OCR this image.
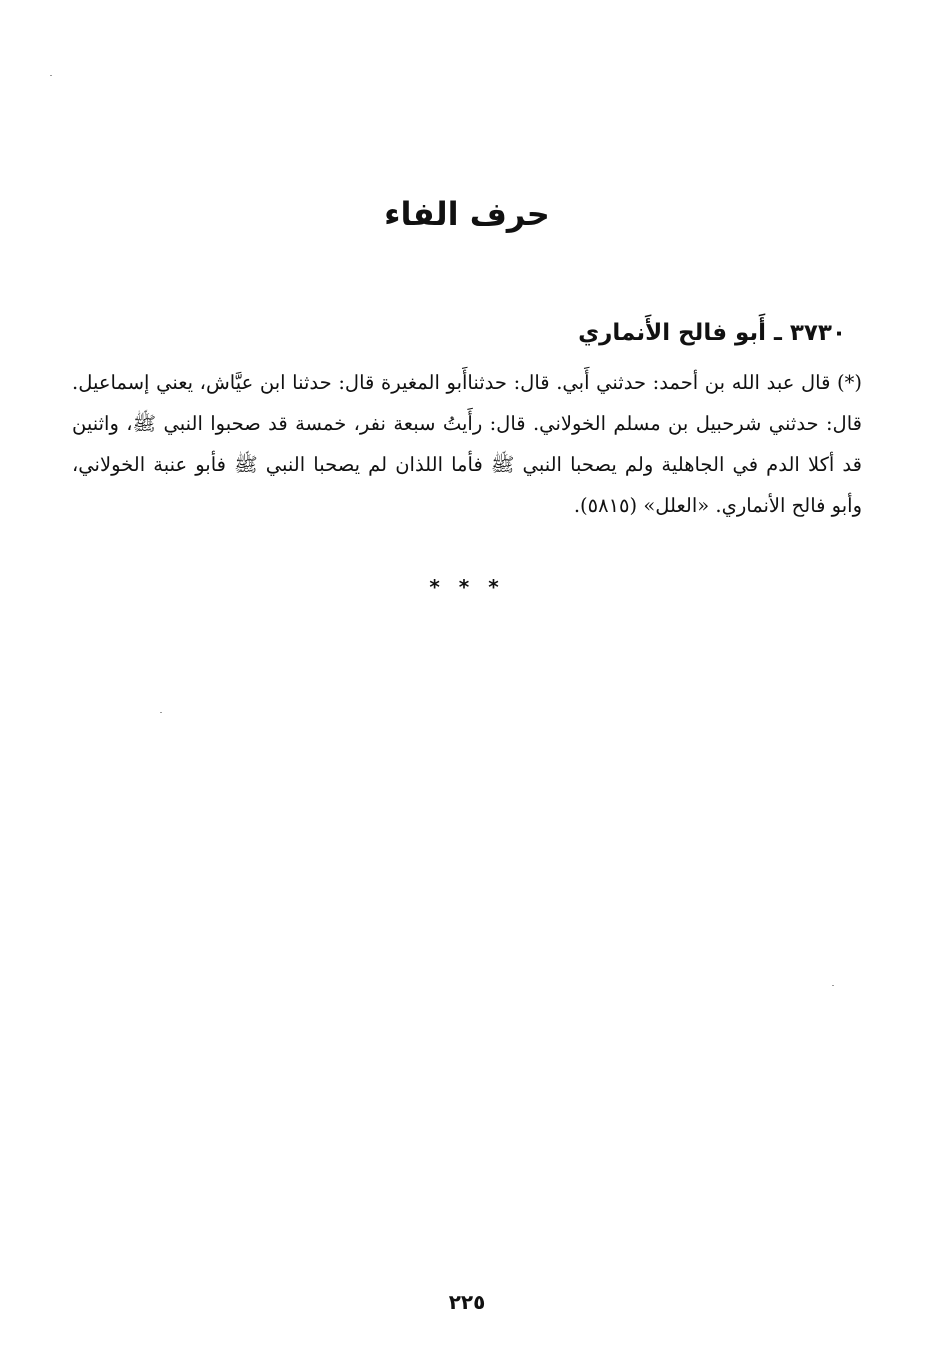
حرف الفاء
٣٧٣٠ ـ أَبو فالح الأَنماري

(*) قال عبد الله بن أحمد: حدثني أَبي. قال: حدثناأَبو المغيرة قال: حدثنا ابن عيَّاش، يعني إسماعيل. قال: حدثني شرحبيل بن مسلم الخولاني. قال: رأَيتُ سبعة نفر، خمسة قد صحبوا النبي ﷺ، واثنين قد أكلا الدم في الجاهلية ولم يصحبا النبي ﷺ فأما اللذان لم يصحبا النبي ﷺ فأبو عنبة الخولاني، وأبو فالح الأنماري. «العلل» (٥٨١٥).

* * *
٢٢٥
